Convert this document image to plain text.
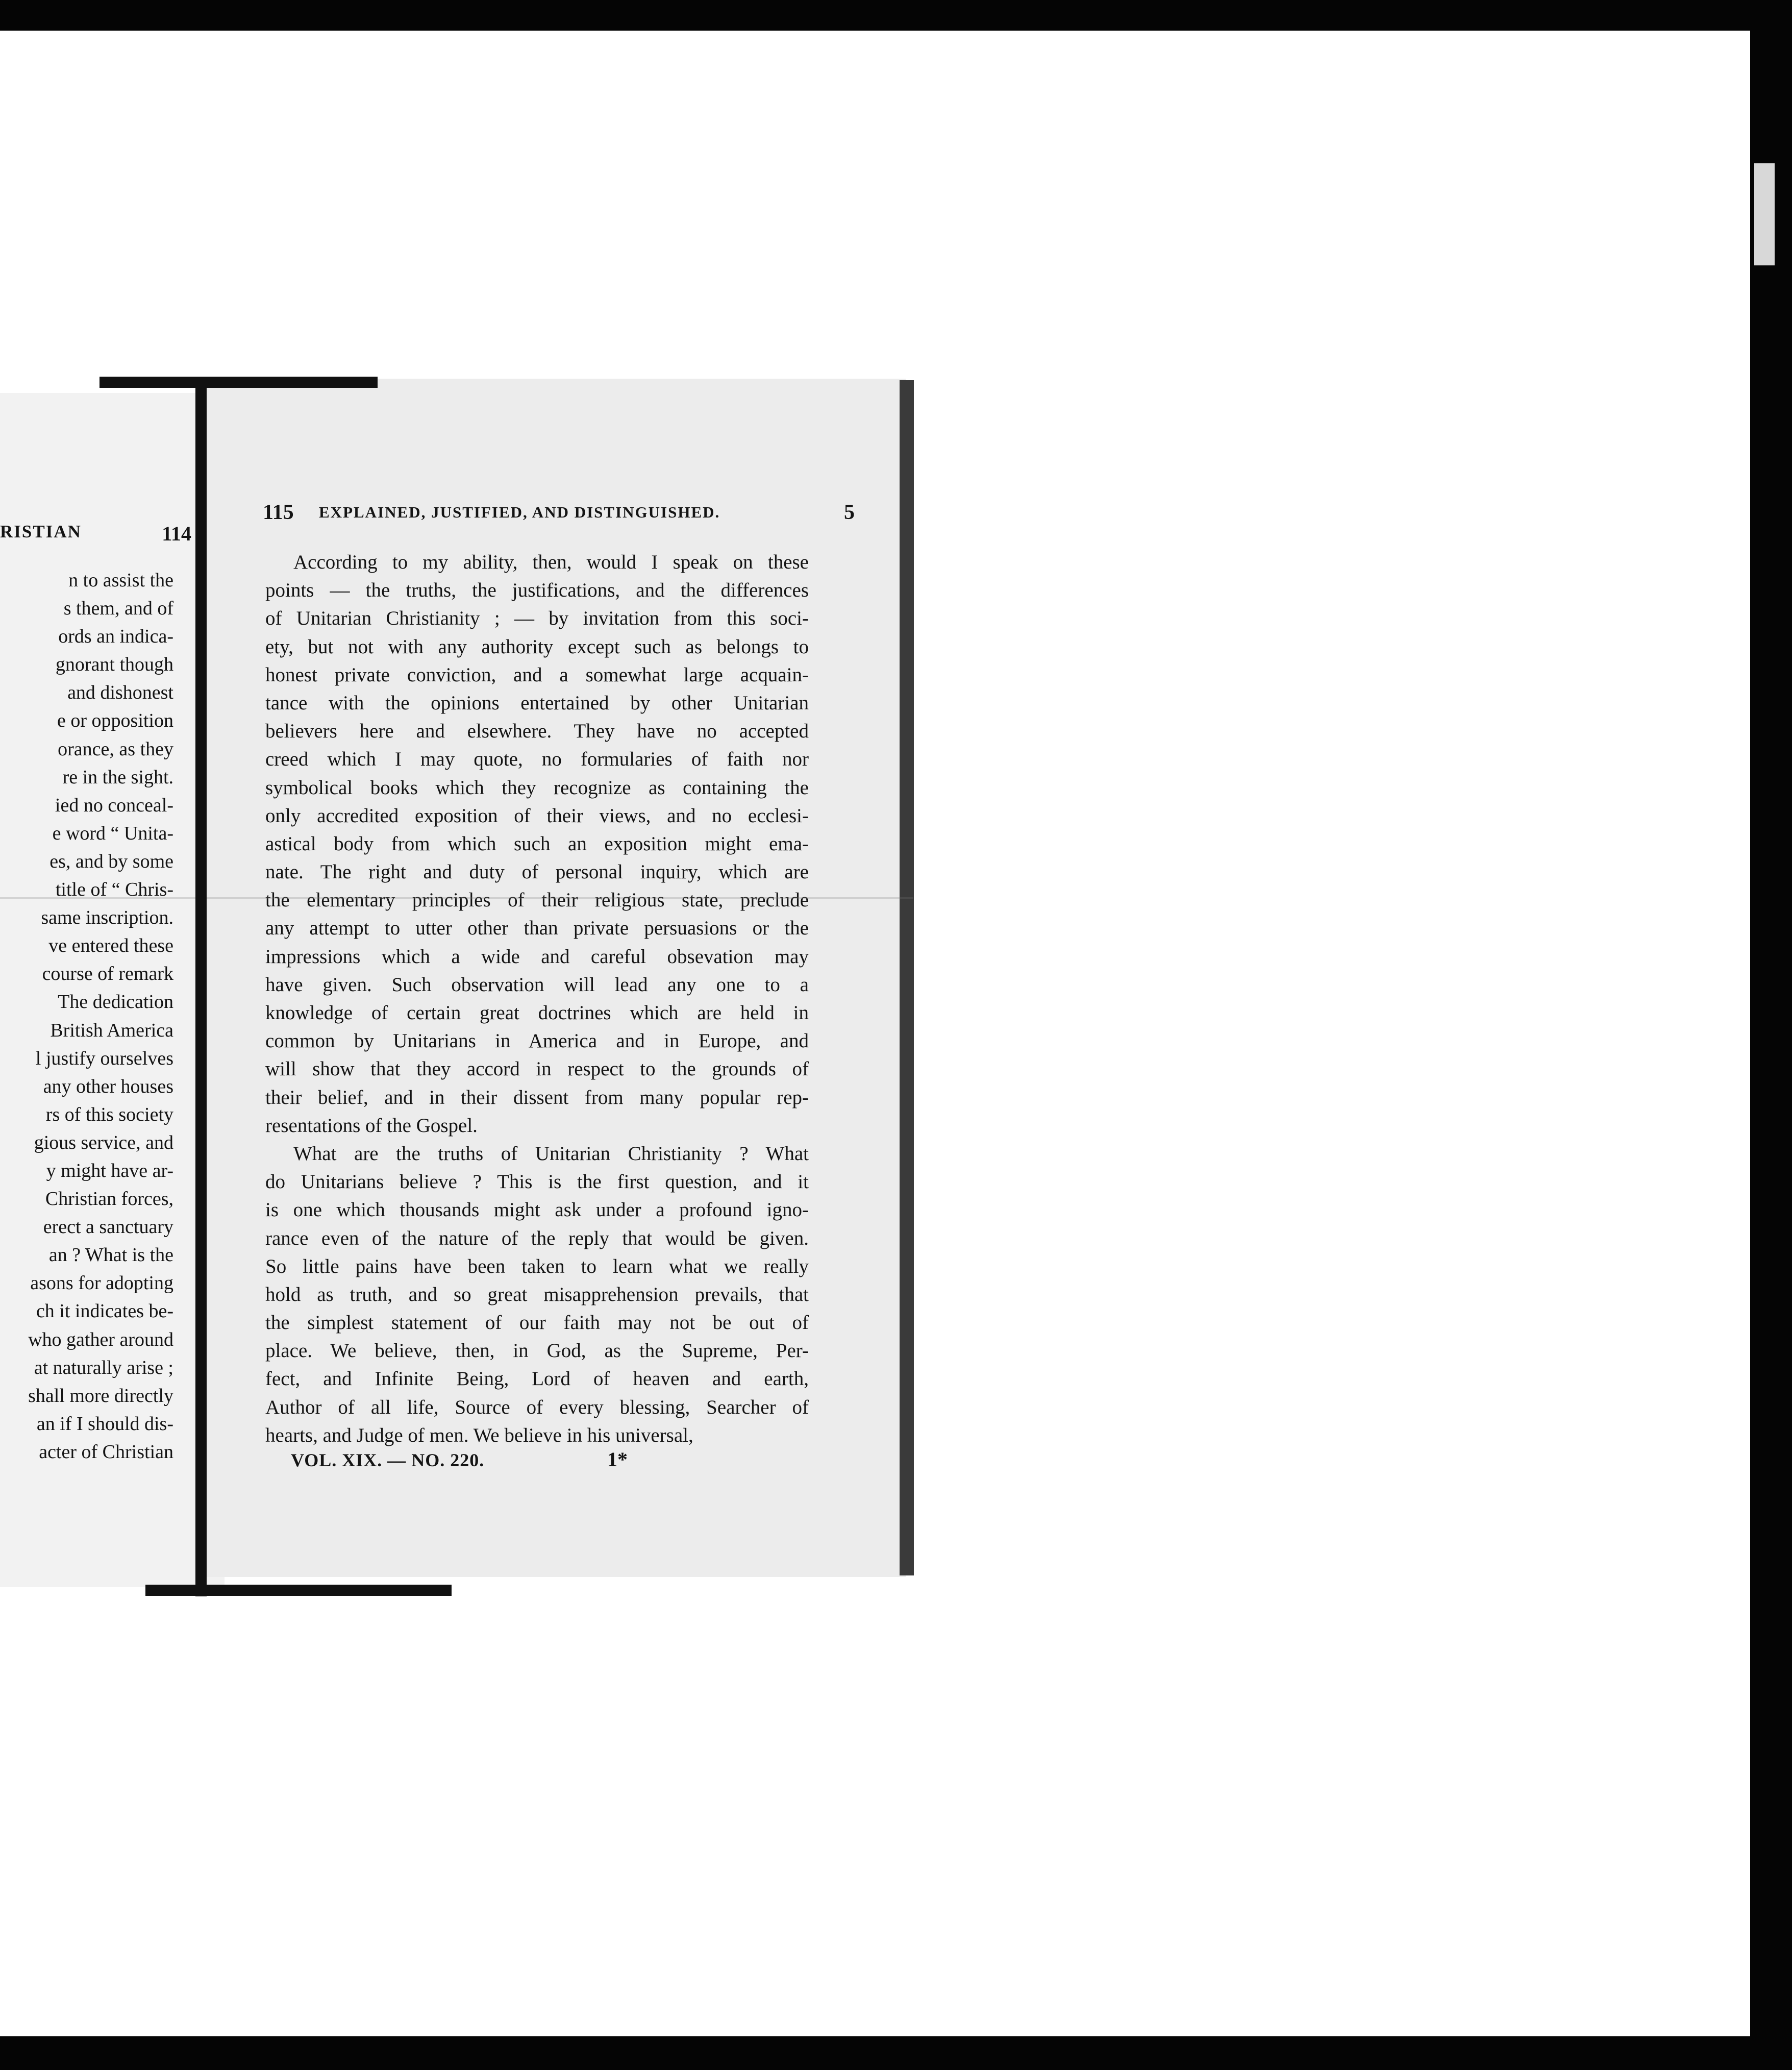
RISTIAN	114
n to assist the
s them, and of
ords an indica-
gnorant though
and dishonest
e or opposition
orance, as they
re in the sight.
ied no conceal-
e word “ Unita-
es, and by some
title of “ Chris-
same inscription.
ve entered these
course of remark
The dedication
British America
l justify ourselves
any other houses
rs of this society
gious service, and
y might have ar-
Christian forces,
erect a sanctuary
an ? What is the
asons for adopting
ch it indicates be-
who gather around
at naturally arise ;
shall more directly
an if I should dis-
acter of Christian
115 EXPLAINED, JUSTIFIED, AND DISTINGUISHED.	5
According to my ability, then, would I speak on these
points — the truths, the justifications, and the differences
of Unitarian Christianity ; — by invitation from this soci-
ety, but not with any authority except such as belongs to
honest private conviction, and a somewhat large acquain-
tance with the opinions entertained by other Unitarian
believers here and elsewhere. They have no accepted
creed which I may quote, no formularies of faith nor
symbolical books which they recognize as containing the
only accredited exposition of their views, and no ecclesi-
astical body from which such an exposition might ema-
nate. The right and duty of personal inquiry, which are
the elementary principles of their religious state, preclude
any attempt to utter other than private persuasions or the
impressions which a wide and careful obsevation may
have given. Such observation will lead any one to a
knowledge of certain great doctrines which are held in
common by Unitarians in America and in Europe, and
will show that they accord in respect to the grounds of
their belief, and in their dissent from many popular rep-
resentations of the Gospel.
What are the truths of Unitarian Christianity ? What
do Unitarians believe ? This is the first question, and it
is one which thousands might ask under a profound igno-
rance even of the nature of the reply that would be given.
So little pains have been taken to learn what we really
hold as truth, and so great misapprehension prevails, that
the simplest statement of our faith may not be out of
place. We believe, then, in God, as the Supreme, Per-
fect, and Infinite Being, Lord of heaven and earth,
Author of all life, Source of every blessing, Searcher of
hearts, and Judge of men. We believe in his universal,
VOL. XIX. — NO. 220.	1*
